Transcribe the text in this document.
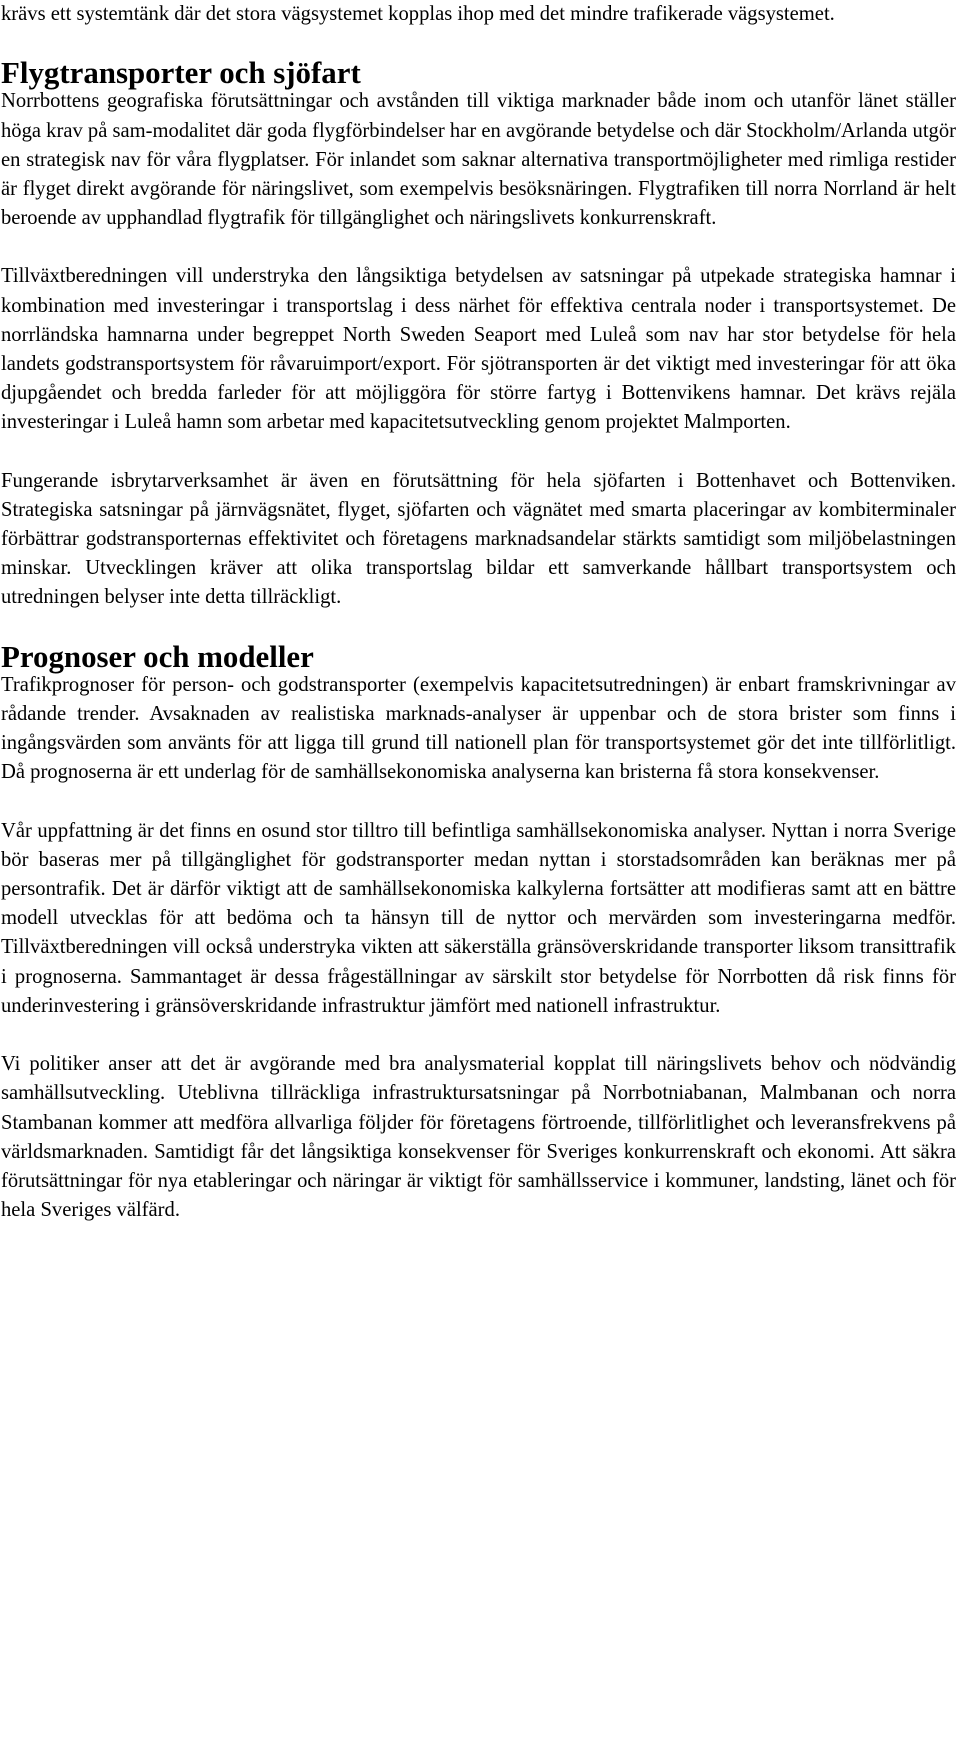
krävs ett systemtänk där det stora vägsystemet kopplas ihop med det mindre trafikerade vägsystemet.

Flygtransporter och sjöfart

Norrbottens geografiska förutsättningar och avstånden till viktiga marknader både inom och utanför länet ställer höga krav på sam-modalitet där goda flygförbindelser har en avgörande betydelse och där Stockholm/Arlanda utgör en strategisk nav för våra flygplatser. För inlandet som saknar alternativa transportmöjligheter med rimliga restider är flyget direkt avgörande för näringslivet, som exempelvis besöksnäringen. Flygtrafiken till norra Norrland är helt beroende av upphandlad flygtrafik för tillgänglighet och näringslivets konkurrenskraft.

Tillväxtberedningen vill understryka den långsiktiga betydelsen av satsningar på utpekade strategiska hamnar i kombination med investeringar i transportslag i dess närhet för effektiva centrala noder i transportsystemet. De norrländska hamnarna under begreppet North Sweden Seaport med Luleå som nav har stor betydelse för hela landets godstransportsystem för råvaruimport/export. För sjötransporten är det viktigt med investeringar för att öka djupgåendet och bredda farleder för att möjliggöra för större fartyg i Bottenvikens hamnar. Det krävs rejäla investeringar i Luleå hamn som arbetar med kapacitetsutveckling genom projektet Malmporten.

Fungerande isbrytarverksamhet är även en förutsättning för hela sjöfarten i Bottenhavet och Bottenviken. Strategiska satsningar på järnvägsnätet, flyget, sjöfarten och vägnätet med smarta placeringar av kombiterminaler förbättrar godstransporternas effektivitet och företagens marknadsandelar stärkts samtidigt som miljöbelastningen minskar. Utvecklingen kräver att olika transportslag bildar ett samverkande hållbart transportsystem och utredningen belyser inte detta tillräckligt.

Prognoser och modeller

Trafikprognoser för person- och godstransporter (exempelvis kapacitetsutredningen) är enbart framskrivningar av rådande trender. Avsaknaden av realistiska marknads-analyser är uppenbar och de stora brister som finns i ingångsvärden som använts för att ligga till grund till nationell plan för transportsystemet gör det inte tillförlitligt. Då prognoserna är ett underlag för de samhällsekonomiska analyserna kan bristerna få stora konsekvenser.

Vår uppfattning är det finns en osund stor tilltro till befintliga samhällsekonomiska analyser. Nyttan i norra Sverige bör baseras mer på tillgänglighet för godstransporter medan nyttan i storstadsområden kan beräknas mer på persontrafik. Det är därför viktigt att de samhällsekonomiska kalkylerna fortsätter att modifieras samt att en bättre modell utvecklas för att bedöma och ta hänsyn till de nyttor och mervärden som investeringarna medför. Tillväxtberedningen vill också understryka vikten att säkerställa gränsöverskridande transporter liksom transittrafik i prognoserna. Sammantaget är dessa frågeställningar av särskilt stor betydelse för Norrbotten då risk finns för underinvestering i gränsöverskridande infrastruktur jämfört med nationell infrastruktur.

Vi politiker anser att det är avgörande med bra analysmaterial kopplat till näringslivets behov och nödvändig samhällsutveckling. Uteblivna tillräckliga infrastruktursatsningar på Norrbotniabanan, Malmbanan och norra Stambanan kommer att medföra allvarliga följder för företagens förtroende, tillförlitlighet och leveransfrekvens på världsmarknaden. Samtidigt får det långsiktiga konsekvenser för Sveriges konkurrenskraft och ekonomi. Att säkra förutsättningar för nya etableringar och näringar är viktigt för samhällsservice i kommuner, landsting, länet och för hela Sveriges välfärd.
